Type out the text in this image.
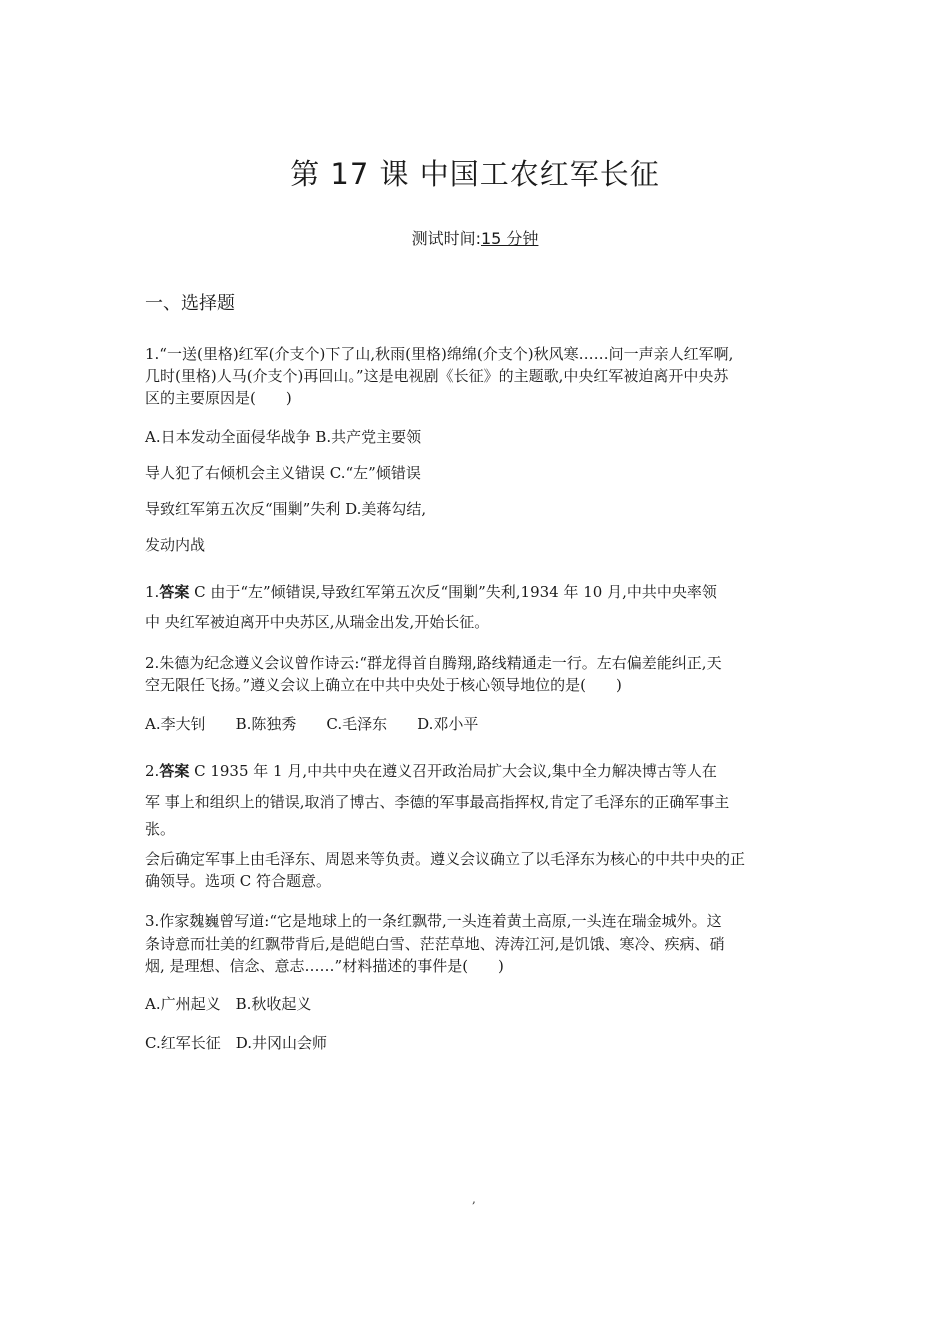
第 17 课 中国工农红军长征
测试时间:15 分钟
一、选择题
1.“一送(里格)红军(介支个)下了山,秋雨(里格)绵绵(介支个)秋风寒……问一声亲人红军啊,
几时(里格)人马(介支个)再回山。”这是电视剧《长征》的主题歌,中央红军被迫离开中央苏
区的主要原因是(　　)
A.日本发动全面侵华战争 B.共产党主要领
导人犯了右倾机会主义错误 C.“左”倾错误
导致红军第五次反“围剿”失利 D.美蒋勾结,
发动内战
1.答案 C 由于“左”倾错误,导致红军第五次反“围剿”失利,1934 年 10 月,中共中央率领
中 央红军被迫离开中央苏区,从瑞金出发,开始长征。
2.朱德为纪念遵义会议曾作诗云:“群龙得首自腾翔,路线精通走一行。左右偏差能纠正,天
空无限任飞扬。”遵义会议上确立在中共中央处于核心领导地位的是(　　)
A.李大钊　　B.陈独秀　　C.毛泽东　　D.邓小平
2.答案 C 1935 年 1 月,中共中央在遵义召开政治局扩大会议,集中全力解决博古等人在
军 事上和组织上的错误,取消了博古、李德的军事最高指挥权,肯定了毛泽东的正确军事主
张。
会后确定军事上由毛泽东、周恩来等负责。遵义会议确立了以毛泽东为核心的中共中央的正
确领导。选项 C 符合题意。
3.作家魏巍曾写道:“它是地球上的一条红飘带,一头连着黄土高原,一头连在瑞金城外。这
条诗意而壮美的红飘带背后,是皑皑白雪、茫茫草地、涛涛江河,是饥饿、寒冷、疾病、硝
烟, 是理想、信念、意志……”材料描述的事件是(　　)
A.广州起义　B.秋收起义
C.红军长征　D.井冈山会师
,
